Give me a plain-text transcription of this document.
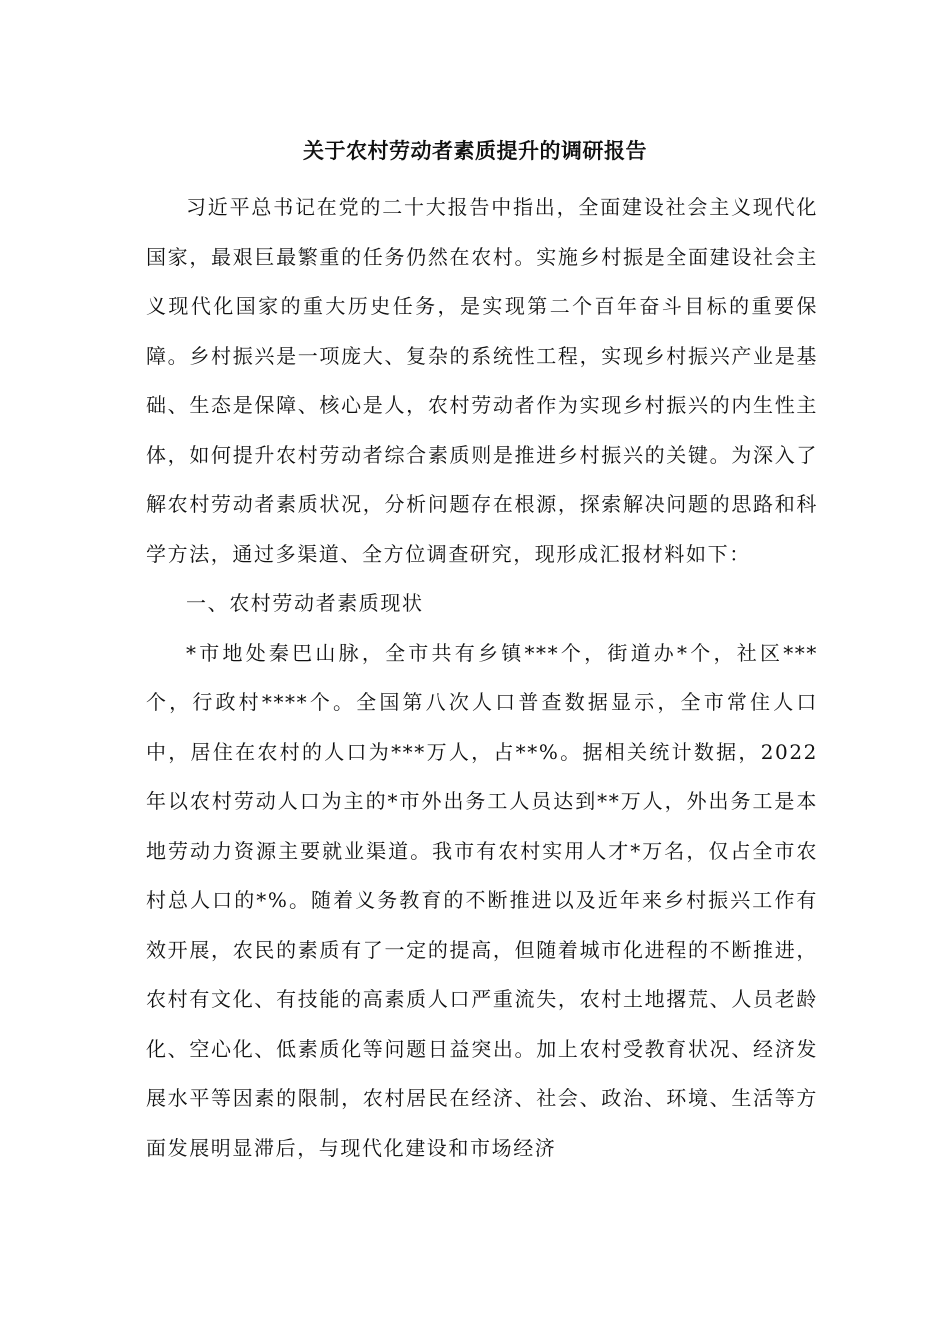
关于农村劳动者素质提升的调研报告

习近平总书记在党的二十大报告中指出，全面建设社会主义现代化国家，最艰巨最繁重的任务仍然在农村。实施乡村振是全面建设社会主义现代化国家的重大历史任务，是实现第二个百年奋斗目标的重要保障。乡村振兴是一项庞大、复杂的系统性工程，实现乡村振兴产业是基础、生态是保障、核心是人，农村劳动者作为实现乡村振兴的内生性主体，如何提升农村劳动者综合素质则是推进乡村振兴的关键。为深入了解农村劳动者素质状况，分析问题存在根源，探索解决问题的思路和科学方法，通过多渠道、全方位调查研究，现形成汇报材料如下：

一、农村劳动者素质现状

*市地处秦巴山脉，全市共有乡镇***个，街道办*个，社区***个，行政村****个。全国第八次人口普查数据显示，全市常住人口中，居住在农村的人口为***万人，占**%。据相关统计数据，2022年以农村劳动人口为主的*市外出务工人员达到**万人，外出务工是本地劳动力资源主要就业渠道。我市有农村实用人才*万名，仅占全市农村总人口的*%。随着义务教育的不断推进以及近年来乡村振兴工作有效开展，农民的素质有了一定的提高，但随着城市化进程的不断推进，农村有文化、有技能的高素质人口严重流失，农村土地撂荒、人员老龄化、空心化、低素质化等问题日益突出。加上农村受教育状况、经济发展水平等因素的限制，农村居民在经济、社会、政治、环境、生活等方面发展明显滞后，与现代化建设和市场经济
